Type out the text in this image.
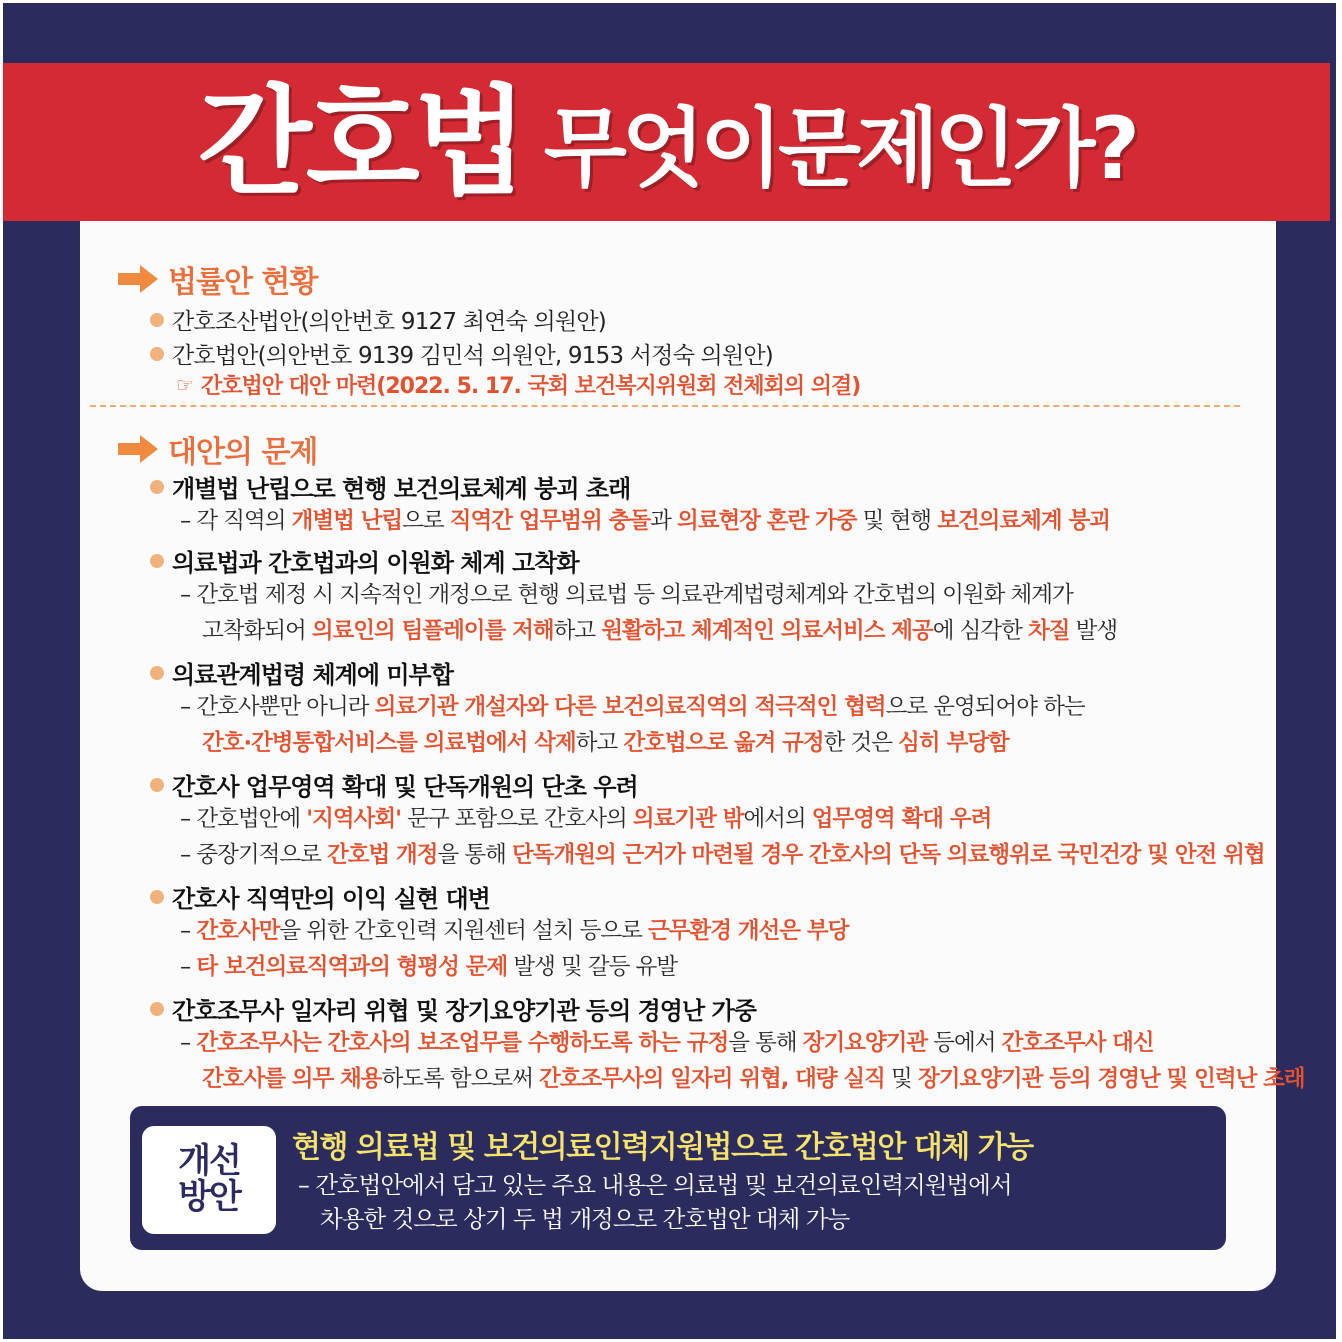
간호법 무엇이문제인가?
법률안 현황
간호조산법안(의안번호 9127 최연숙 의원안)
간호법안(의안번호 9139 김민석 의원안, 9153 서정숙 의원안)
☞ 간호법안 대안 마련(2022. 5. 17. 국회 보건복지위원회 전체회의 의결)
대안의 문제
개별법 난립으로 현행 보건의료체계 붕괴 초래
– 각 직역의 개별법 난립으로 직역간 업무범위 충돌과 의료현장 혼란 가중 및 현행 보건의료체계 붕괴
의료법과 간호법과의 이원화 체계 고착화
– 간호법 제정 시 지속적인 개정으로 현행 의료법 등 의료관계법령체계와 간호법의 이원화 체계가
고착화되어 의료인의 팀플레이를 저해하고 원활하고 체계적인 의료서비스 제공에 심각한 차질 발생
의료관계법령 체계에 미부합
– 간호사뿐만 아니라 의료기관 개설자와 다른 보건의료직역의 적극적인 협력으로 운영되어야 하는
간호·간병통합서비스를 의료법에서 삭제하고 간호법으로 옮겨 규정한 것은 심히 부당함
간호사 업무영역 확대 및 단독개원의 단초 우려
– 간호법안에 '지역사회' 문구 포함으로 간호사의 의료기관 밖에서의 업무영역 확대 우려
– 중장기적으로 간호법 개정을 통해 단독개원의 근거가 마련될 경우 간호사의 단독 의료행위로 국민건강 및 안전 위협
간호사 직역만의 이익 실현 대변
– 간호사만을 위한 간호인력 지원센터 설치 등으로 근무환경 개선은 부당
– 타 보건의료직역과의 형평성 문제 발생 및 갈등 유발
간호조무사 일자리 위협 및 장기요양기관 등의 경영난 가중
– 간호조무사는 간호사의 보조업무를 수행하도록 하는 규정을 통해 장기요양기관 등에서 간호조무사 대신
간호사를 의무 채용하도록 함으로써 간호조무사의 일자리 위협, 대량 실직 및 장기요양기관 등의 경영난 및 인력난 초래
개선
방안
현행 의료법 및 보건의료인력지원법으로 간호법안 대체 가능
– 간호법안에서 담고 있는 주요 내용은 의료법 및 보건의료인력지원법에서
차용한 것으로 상기 두 법 개정으로 간호법안 대체 가능
